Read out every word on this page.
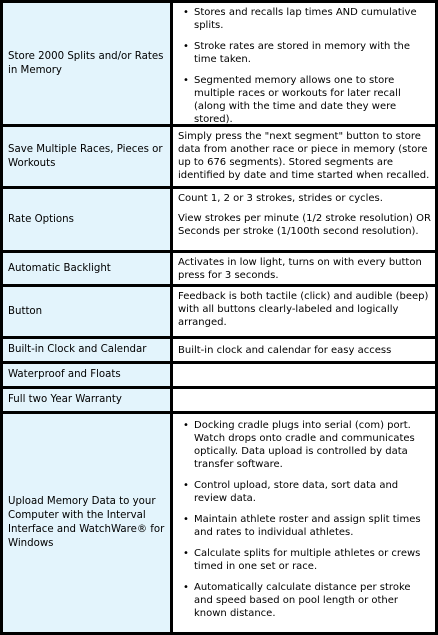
Store 2000 Splits and/or Rates in Memory
• Stores and recalls lap times AND cumulative splits.
• Stroke rates are stored in memory with the time taken.
• Segmented memory allows one to store multiple races or workouts for later recall (along with the time and date they were stored).
Save Multiple Races, Pieces or Workouts

Simply press the "next segment" button to store data from another race or piece in memory (store up to 676 segments). Stored segments are identified by date and time started when recalled.

Rate Options

Count 1, 2 or 3 strokes, strides or cycles.

View strokes per minute (1/2 stroke resolution) OR Seconds per stroke (1/100th second resolution).

Automatic Backlight	Activates in low light, turns on with every button press for 3 seconds.

Button

Feedback is both tactile (click) and audible (beep) with all buttons clearly-labeled and logically arranged.

Built-in Clock and Calendar	Built-in clock and calendar for easy access

Waterproof and Floats

Full two Year Warranty

Upload Memory Data to your Computer with the Interval Interface and WatchWare® for Windows
• Docking cradle plugs into serial (com) port. Watch drops onto cradle and communicates optically. Data upload is controlled by data transfer software.
• Control upload, store data, sort data and review data.
• Maintain athlete roster and assign split times and rates to individual athletes.
• Calculate splits for multiple athletes or crews timed in one set or race.
• Automatically calculate distance per stroke and speed based on pool length or other known distance.
